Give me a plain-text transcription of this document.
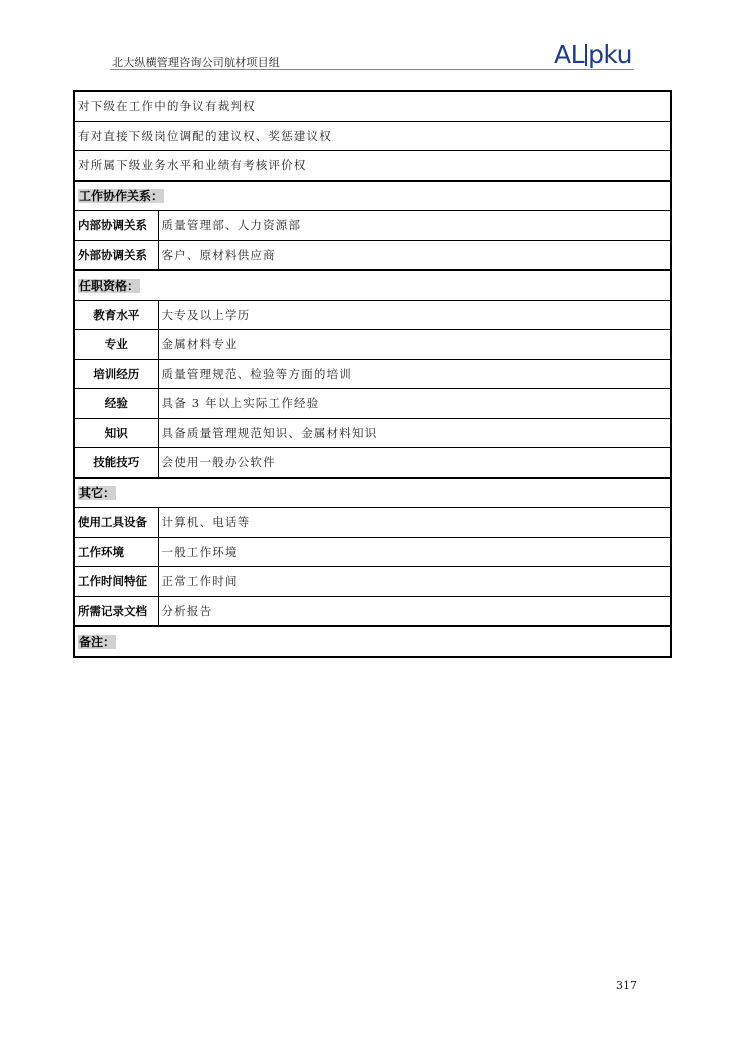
北大纵横管理咨询公司航材项目组	A L pku
对下级在工作中的争议有裁判权	
有对直接下级岗位调配的建议权、奖惩建议权	
对所属下级业务水平和业绩有考核评价权	
工作协作关系：	
内部协调关系	质量管理部、人力资源部
外部协调关系	客户、原材料供应商
任职资格：	
教育水平	大专及以上学历
专业	金属材料专业
培训经历	质量管理规范、检验等方面的培训
经验	具备 3 年以上实际工作经验
知识	具备质量管理规范知识、金属材料知识
技能技巧	会使用一般办公软件
其它：	
使用工具设备	计算机、电话等
工作环境	一般工作环境
工作时间特征	正常工作时间
所需记录文档	分析报告
备注：	
317
